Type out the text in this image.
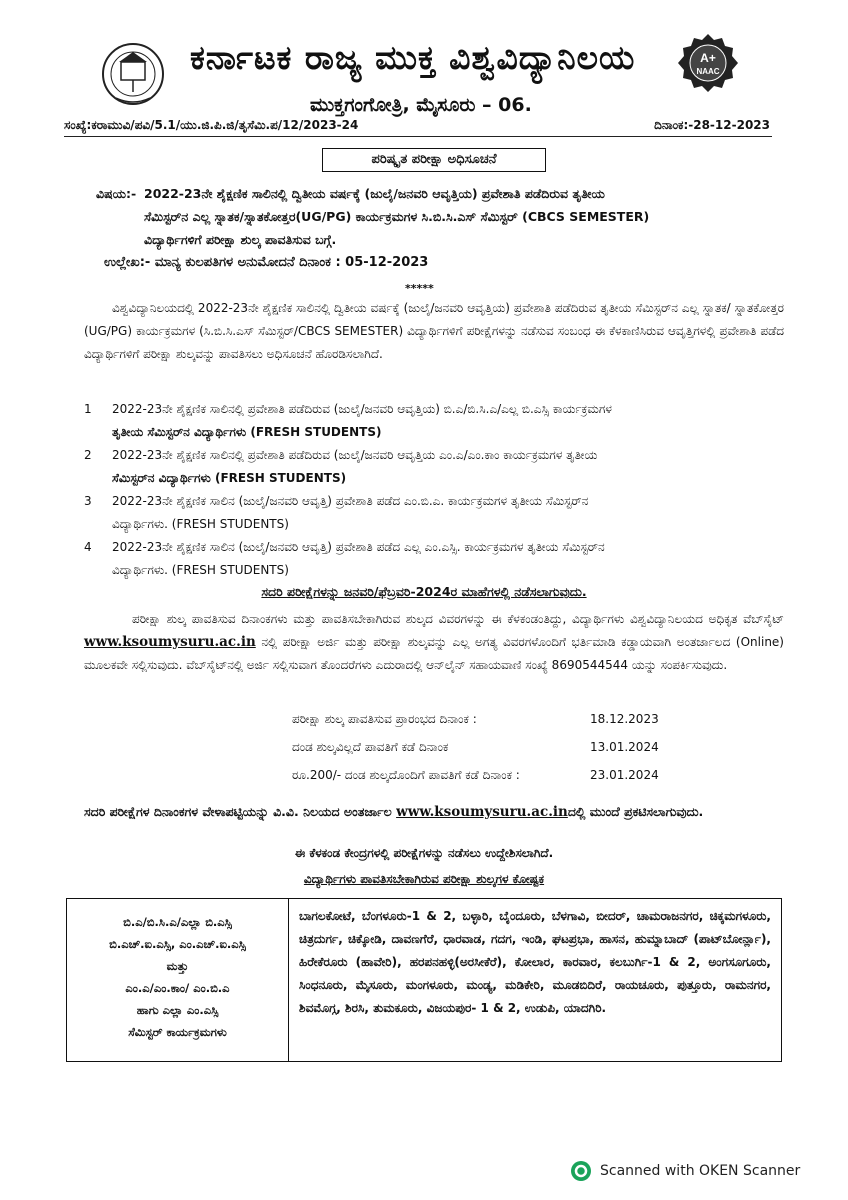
ಕರ್ನಾಟಕ ರಾಜ್ಯ ಮುಕ್ತ ವಿಶ್ವವಿದ್ಯಾನಿಲಯ
ಮುಕ್ತಗಂಗೋತ್ರಿ, ಮೈಸೂರು – 06.
A+
NAAC
ಸಂಖ್ಯೆ:ಕರಾಮುವಿ/ಪವಿ/5.1/ಯು.ಜಿ.ಪಿ.ಜಿ/ತೃಸೆಮಿ.ಪ/12/2023-24	ದಿನಾಂಕ:-28-12-2023
ಪರಿಷ್ಕೃತ ಪರೀಕ್ಷಾ ಅಧಿಸೂಚನೆ
ವಿಷಯ:- 2022-23ನೇ ಶೈಕ್ಷಣಿಕ ಸಾಲಿನಲ್ಲಿ ದ್ವಿತೀಯ ವರ್ಷಕ್ಕೆ (ಜುಲೈ/ಜನವರಿ ಆವೃತ್ತಿಯ) ಪ್ರವೇಶಾತಿ ಪಡೆದಿರುವ ತೃತೀಯ
ಸೆಮಿಸ್ಟರ್‌ನ ಎಲ್ಲ ಸ್ನಾತಕ/ಸ್ನಾತಕೋತ್ತರ(UG/PG) ಕಾರ್ಯಕ್ರಮಗಳ ಸಿ.ಬಿ.ಸಿ.ಎಸ್ ಸೆಮಿಸ್ಟರ್ (CBCS SEMESTER)
ವಿದ್ಯಾರ್ಥಿಗಳಿಗೆ ಪರೀಕ್ಷಾ ಶುಲ್ಕ ಪಾವತಿಸುವ ಬಗ್ಗೆ.
ಉಲ್ಲೇಖ:- ಮಾನ್ಯ ಕುಲಪತಿಗಳ ಅನುಮೋದನೆ ದಿನಾಂಕ : 05-12-2023
*****
ವಿಶ್ವವಿದ್ಯಾನಿಲಯದಲ್ಲಿ 2022-23ನೇ ಶೈಕ್ಷಣಿಕ ಸಾಲಿನಲ್ಲಿ ದ್ವಿತೀಯ ವರ್ಷಕ್ಕೆ (ಜುಲೈ/ಜನವರಿ ಆವೃತ್ತಿಯ) ಪ್ರವೇಶಾತಿ ಪಡೆದಿರುವ ತೃತೀಯ ಸೆಮಿಸ್ಟರ್‌ನ ಎಲ್ಲ ಸ್ನಾತಕ/ ಸ್ನಾತಕೋತ್ತರ (UG/PG) ಕಾರ್ಯಕ್ರಮಗಳ (ಸಿ.ಬಿ.ಸಿ.ಎಸ್ ಸೆಮಿಸ್ಟರ್/CBCS SEMESTER) ವಿದ್ಯಾರ್ಥಿಗಳಿಗೆ ಪರೀಕ್ಷೆಗಳನ್ನು ನಡೆಸುವ ಸಂಬಂಧ ಈ ಕೆಳಕಾಣಿಸಿರುವ ಆವೃತ್ತಿಗಳಲ್ಲಿ ಪ್ರವೇಶಾತಿ ಪಡೆದ ವಿದ್ಯಾರ್ಥಿಗಳಿಗೆ ಪರೀಕ್ಷಾ ಶುಲ್ಕವನ್ನು ಪಾವತಿಸಲು ಅಧಿಸೂಚನೆ ಹೊರಡಿಸಲಾಗಿದೆ.
1 2022-23ನೇ ಶೈಕ್ಷಣಿಕ ಸಾಲಿನಲ್ಲಿ ಪ್ರವೇಶಾತಿ ಪಡೆದಿರುವ (ಜುಲೈ/ಜನವರಿ ಆವೃತ್ತಿಯ) ಬಿ.ಎ/ಬಿ.ಸಿ.ಎ/ಎಲ್ಲ ಬಿ.ಎಸ್ಸಿ ಕಾರ್ಯಕ್ರಮಗಳ
ತೃತೀಯ ಸೆಮಿಸ್ಟರ್‌ನ ವಿದ್ಯಾರ್ಥಿಗಳು (FRESH STUDENTS)
2 2022-23ನೇ ಶೈಕ್ಷಣಿಕ ಸಾಲಿನಲ್ಲಿ ಪ್ರವೇಶಾತಿ ಪಡೆದಿರುವ (ಜುಲೈ/ಜನವರಿ ಆವೃತ್ತಿಯ ಎಂ.ಎ/ಎಂ.ಕಾಂ ಕಾರ್ಯಕ್ರಮಗಳ ತೃತೀಯ
ಸೆಮಿಸ್ಟರ್‌ನ ವಿದ್ಯಾರ್ಥಿಗಳು (FRESH STUDENTS)
3 2022-23ನೇ ಶೈಕ್ಷಣಿಕ ಸಾಲಿನ (ಜುಲೈ/ಜನವರಿ ಆವೃತ್ತಿ) ಪ್ರವೇಶಾತಿ ಪಡೆದ ಎಂ.ಬಿ.ಎ. ಕಾರ್ಯಕ್ರಮಗಳ ತೃತೀಯ ಸೆಮಿಸ್ಟರ್‌ನ
ವಿದ್ಯಾರ್ಥಿಗಳು. (FRESH STUDENTS)
4 2022-23ನೇ ಶೈಕ್ಷಣಿಕ ಸಾಲಿನ (ಜುಲೈ/ಜನವರಿ ಆವೃತ್ತಿ) ಪ್ರವೇಶಾತಿ ಪಡೆದ ಎಲ್ಲ ಎಂ.ಎಸ್ಸಿ. ಕಾರ್ಯಕ್ರಮಗಳ ತೃತೀಯ ಸೆಮಿಸ್ಟರ್‌ನ
ವಿದ್ಯಾರ್ಥಿಗಳು. (FRESH STUDENTS)
ಸದರಿ ಪರೀಕ್ಷೆಗಳನ್ನು ಜನವರಿ/ಫೆಬ್ರವರಿ-2024ರ ಮಾಹೆಗಳಲ್ಲಿ ನಡೆಸಲಾಗುವುದು.
ಪರೀಕ್ಷಾ ಶುಲ್ಕ ಪಾವತಿಸುವ ದಿನಾಂಕಗಳು ಮತ್ತು ಪಾವತಿಸಬೇಕಾಗಿರುವ ಶುಲ್ಕದ ವಿವರಗಳನ್ನು ಈ ಕೆಳಕಂಡಂತಿದ್ದು, ವಿದ್ಯಾರ್ಥಿಗಳು ವಿಶ್ವವಿದ್ಯಾನಿಲಯದ ಅಧಿಕೃತ ವೆಬ್‌ಸೈಟ್ www.ksoumysuru.ac.in ನಲ್ಲಿ ಪರೀಕ್ಷಾ ಅರ್ಜಿ ಮತ್ತು ಪರೀಕ್ಷಾ ಶುಲ್ಕವನ್ನು ಎಲ್ಲ ಅಗತ್ಯ ವಿವರಗಳೊಂದಿಗೆ ಭರ್ತಿಮಾಡಿ ಕಡ್ಡಾಯವಾಗಿ ಅಂತರ್ಜಾಲದ (Online) ಮೂಲಕವೇ ಸಲ್ಲಿಸುವುದು. ವೆಬ್‌ಸೈಟ್‌ನಲ್ಲಿ ಅರ್ಜಿ ಸಲ್ಲಿಸುವಾಗ ತೊಂದರೆಗಳು ಎದುರಾದಲ್ಲಿ ಆನ್‌ಲೈನ್ ಸಹಾಯವಾಣಿ ಸಂಖ್ಯೆ 8690544544 ಯನ್ನು ಸಂಪರ್ಕಿಸುವುದು.
ಪರೀಕ್ಷಾ ಶುಲ್ಕ ಪಾವತಿಸುವ ಪ್ರಾರಂಭದ ದಿನಾಂಕ :	18.12.2023
ದಂಡ ಶುಲ್ಕವಿಲ್ಲದೆ ಪಾವತಿಗೆ ಕಡೆ ದಿನಾಂಕ	13.01.2024
ರೂ.200/- ದಂಡ ಶುಲ್ಕದೊಂದಿಗೆ ಪಾವತಿಗೆ ಕಡೆ ದಿನಾಂಕ :	23.01.2024
ಸದರಿ ಪರೀಕ್ಷೆಗಳ ದಿನಾಂಕಗಳ ವೇಳಾಪಟ್ಟಿಯನ್ನು ವಿ.ವಿ. ನಿಲಯದ ಅಂತರ್ಜಾಲ www.ksoumysuru.ac.inದಲ್ಲಿ ಮುಂದೆ ಪ್ರಕಟಿಸಲಾಗುವುದು.
ಈ ಕೆಳಕಂಡ ಕೇಂದ್ರಗಳಲ್ಲಿ ಪರೀಕ್ಷೆಗಳನ್ನು ನಡೆಸಲು ಉದ್ದೇಶಿಸಲಾಗಿದೆ.
ವಿದ್ಯಾರ್ಥಿಗಳು ಪಾವತಿಸಬೇಕಾಗಿರುವ ಪರೀಕ್ಷಾ ಶುಲ್ಕಗಳ ಕೋಷ್ಟಕ
ಬಿ.ಎ/ಬಿ.ಸಿ.ಎ/ಎಲ್ಲಾ ಬಿ.ಎಸ್ಸಿ
ಬಿ.ಎಚ್.ಐ.ಎಸ್ಸಿ, ಎಂ.ಎಚ್.ಐ.ಎಸ್ಸಿ
ಮತ್ತು
ಎಂ.ಎ/ಎಂ.ಕಾಂ/ ಎಂ.ಬಿ.ಎ
ಹಾಗು ಎಲ್ಲಾ ಎಂ.ಎಸ್ಸಿ
ಸೆಮಿಸ್ಟರ್ ಕಾರ್ಯಕ್ರಮಗಳು
ಬಾಗಲಕೋಟೆ, ಬೆಂಗಳೂರು-1 & 2, ಬಳ್ಳಾರಿ, ಬೈಂದೂರು, ಬೆಳಗಾವಿ, ಬೀದರ್, ಚಾಮರಾಜನಗರ, ಚಿಕ್ಕಮಗಳೂರು, ಚಿತ್ರದುರ್ಗ, ಚಿಕ್ಕೋಡಿ, ದಾವಣಗೆರೆ, ಧಾರವಾಡ, ಗದಗ, ಇಂಡಿ, ಘಟಪ್ರಭಾ, ಹಾಸನ, ಹುಮ್ನಾಬಾದ್ (ಪಾಟ್‌ಬೋರ್ನ್ಲಾ), ಹಿರೇಕೆರೂರು (ಹಾವೇರಿ), ಹರಪನಹಳ್ಳಿ(ಅರಸೀಕೆರೆ), ಕೋಲಾರ, ಕಾರವಾರ, ಕಲಬುರ್ಗಿ-1 & 2, ಅಂಗಸೂಗೂರು, ಸಿಂಧನೂರು, ಮೈಸೂರು, ಮಂಗಳೂರು, ಮಂಡ್ಯ, ಮಡಿಕೇರಿ, ಮೂಡಬಿದಿರೆ, ರಾಯಚೂರು, ಪುತ್ತೂರು, ರಾಮನಗರ, ಶಿವಮೊಗ್ಗ, ಶಿರಸಿ, ತುಮಕೂರು, ವಿಜಯಪುರ- 1 & 2, ಉಡುಪಿ, ಯಾದಗಿರಿ.
Scanned with OKEN Scanner
